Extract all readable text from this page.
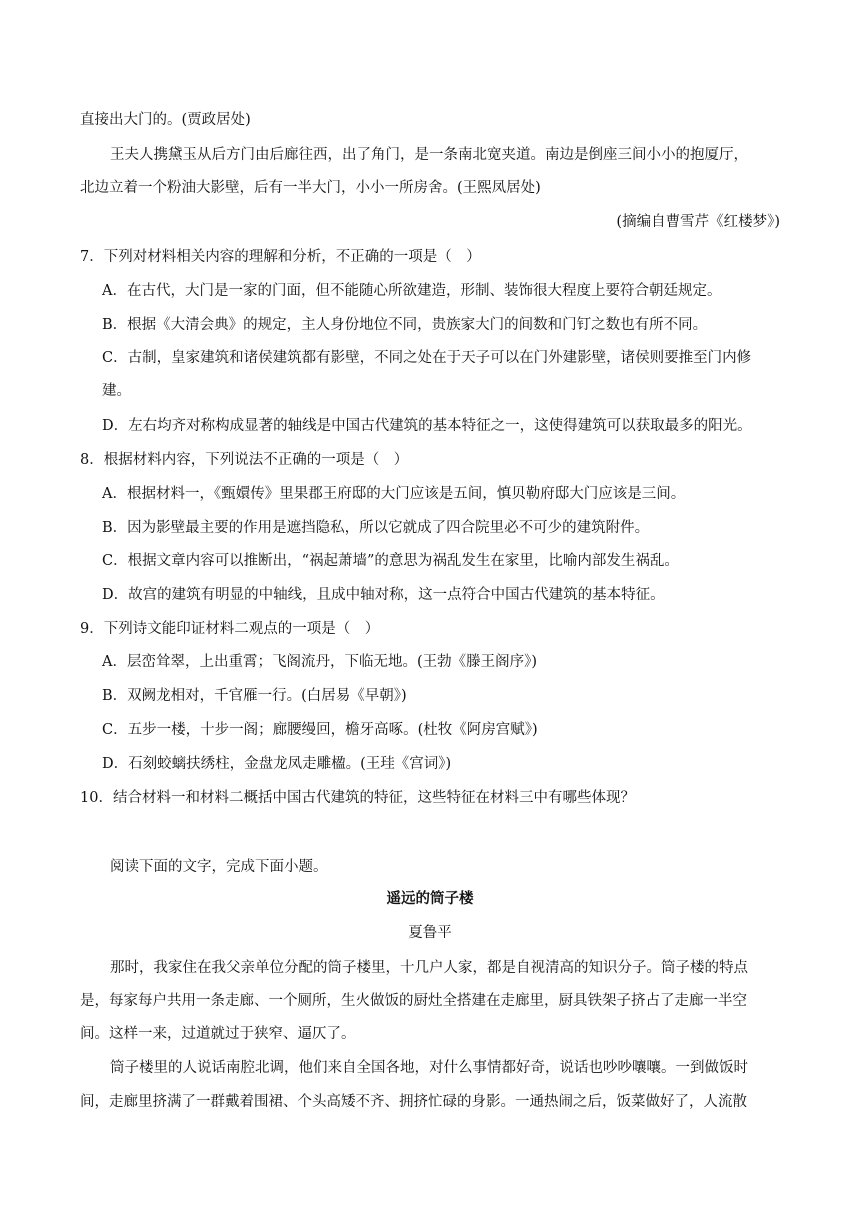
直接出大门的。(贾政居处)
王夫人携黛玉从后方门由后廊往西，出了角门，是一条南北宽夹道。南边是倒座三间小小的抱厦厅，
北边立着一个粉油大影壁，后有一半大门，小小一所房舍。(王熙凤居处)
(摘编自曹雪芹《红楼梦》)
7．下列对材料相关内容的理解和分析，不正确的一项是（　）
A．在古代，大门是一家的门面，但不能随心所欲建造，形制、装饰很大程度上要符合朝廷规定。
B．根据《大清会典》的规定，主人身份地位不同，贵族家大门的间数和门钉之数也有所不同。
C．古制，皇家建筑和诸侯建筑都有影壁，不同之处在于天子可以在门外建影壁，诸侯则要推至门内修
建。
D．左右均齐对称构成显著的轴线是中国古代建筑的基本特征之一，这使得建筑可以获取最多的阳光。
8．根据材料内容，下列说法不正确的一项是（　）
A．根据材料一，《甄嬛传》里果郡王府邸的大门应该是五间，慎贝勒府邸大门应该是三间。
B．因为影壁最主要的作用是遮挡隐私，所以它就成了四合院里必不可少的建筑附件。
C．根据文章内容可以推断出，“祸起萧墙”的意思为祸乱发生在家里，比喻内部发生祸乱。
D．故宫的建筑有明显的中轴线，且成中轴对称，这一点符合中国古代建筑的基本特征。
9．下列诗文能印证材料二观点的一项是（　）
A．层峦耸翠，上出重霄；飞阁流丹，下临无地。(王勃《滕王阁序》)
B．双阙龙相对，千官雁一行。(白居易《早朝》)
C．五步一楼，十步一阁；廊腰缦回，檐牙高啄。(杜牧《阿房宫赋》)
D．石刻蛟螭扶绣柱，金盘龙凤走雕楹。(王珪《宫词》)
10．结合材料一和材料二概括中国古代建筑的特征，这些特征在材料三中有哪些体现？
阅读下面的文字，完成下面小题。
遥远的筒子楼
夏鲁平
那时，我家住在我父亲单位分配的筒子楼里，十几户人家，都是自视清高的知识分子。筒子楼的特点
是，每家每户共用一条走廊、一个厕所，生火做饭的厨灶全搭建在走廊里，厨具铁架子挤占了走廊一半空
间。这样一来，过道就过于狭窄、逼仄了。
筒子楼里的人说话南腔北调，他们来自全国各地，对什么事情都好奇，说话也吵吵嚷嚷。一到做饭时
间，走廊里挤满了一群戴着围裙、个头高矮不齐、拥挤忙碌的身影。一通热闹之后，饭菜做好了，人流散
